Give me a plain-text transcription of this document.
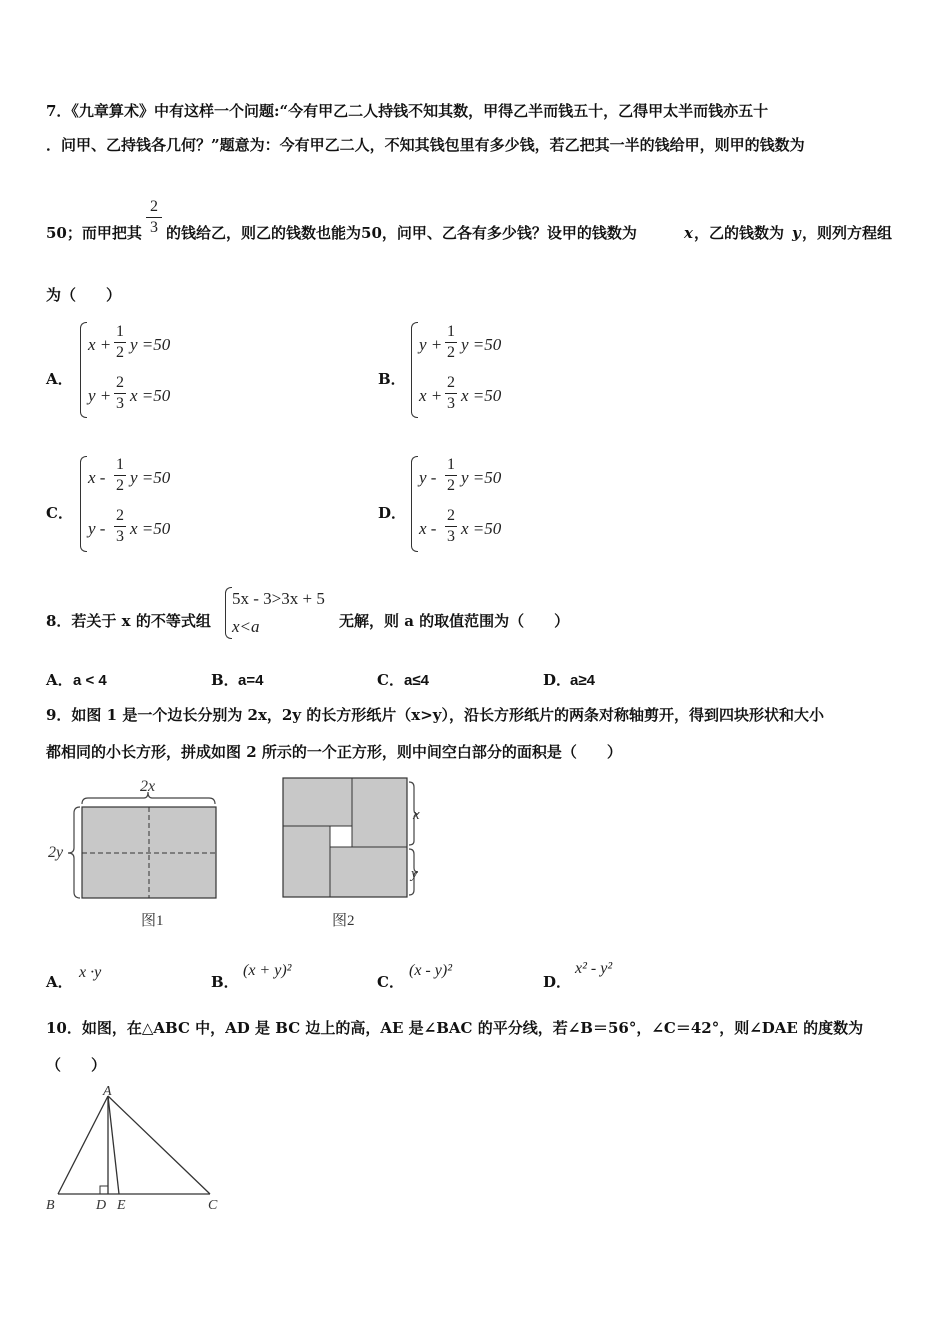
7．《九章算术》中有这样一个问题:“今有甲乙二人持钱不知其数，甲得乙半而钱五十，乙得甲太半而钱亦五十
．问甲、乙持钱各几何？”题意为：今有甲乙二人，不知其钱包里有多少钱，若乙把其一半的钱给甲，则甲的钱数为
50；而甲把其
2
3 的钱给乙，则乙的钱数也能为50，问甲、乙各有多少钱？设甲的钱数为	x ，乙的钱数为 y ，则列方程组
为（　　）
A．
x +
1
2 y =50
y +
2
3 x =50
B．
y +
1
2 y =50
x +
2
3 x =50
C．
x -
1
2 y =50
y -
2
3 x =50
D．
y -
1
2 y =50
x -
2
3 x =50
8．若关于 x 的不等式组
5x - 3>3x + 5
x<a	无解，则 a 的取值范围为（　　）
A． a < 4	B． a=4	C． a≤4	D．
a≥4
9．如图 1 是一个边长分别为 2x，2y 的长方形纸片（x>y），沿长方形纸片的两条对称轴剪开，得到四块形状和大小
都相同的小长方形，拼成如图 2 所示的一个正方形，则中间空白部分的面积是（　　）
2x
2y
图1
x
y
图2
A．
x ·y
B．
(x + y)²
C．
(x - y)²
D．
x² - y²
10．如图，在△ABC 中，AD 是 BC 边上的高，AE 是∠BAC 的平分线，若∠B＝56°，∠C＝42°，则∠DAE 的度数为
（　　）
A
B	C
D E
